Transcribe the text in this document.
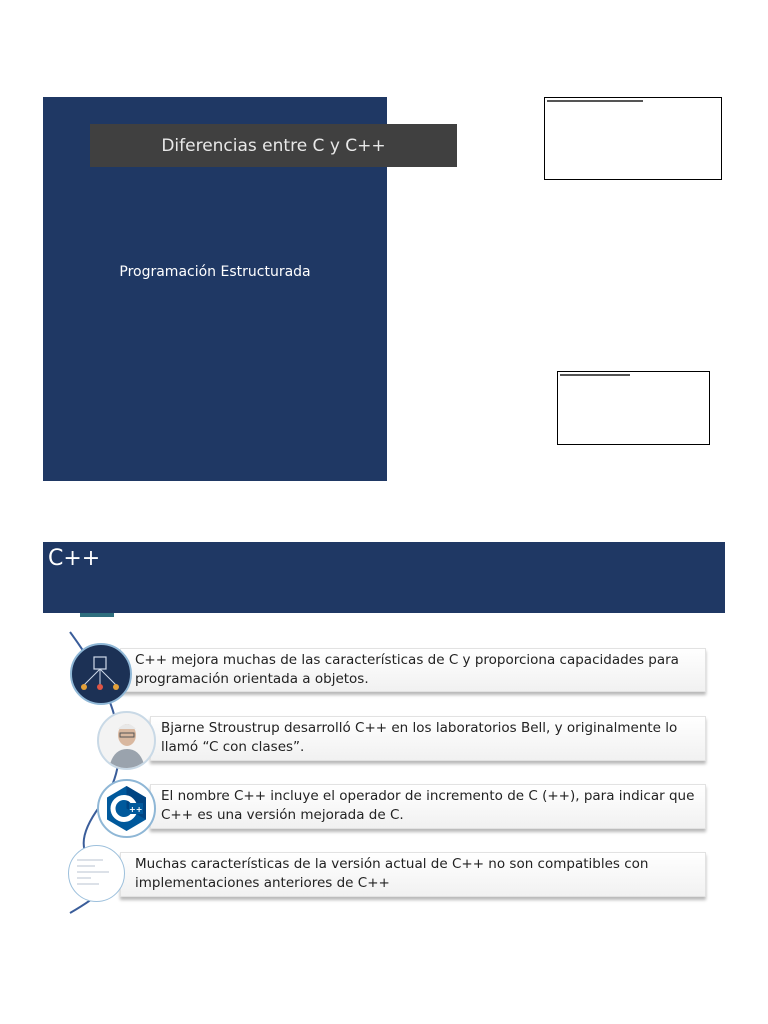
Diferencias entre C y C++
Programación Estructurada
C++
C++ mejora muchas de las características de C y proporciona capacidades para
programación orientada a objetos.
Bjarne Stroustrup desarrolló C++ en los laboratorios Bell, y originalmente lo
llamó “C con clases”.
El nombre C++ incluye el operador de incremento de C (++), para indicar que
C++ es una versión mejorada de C.
Muchas características de la versión actual de C++ no son compatibles con
implementaciones anteriores de C++
++
